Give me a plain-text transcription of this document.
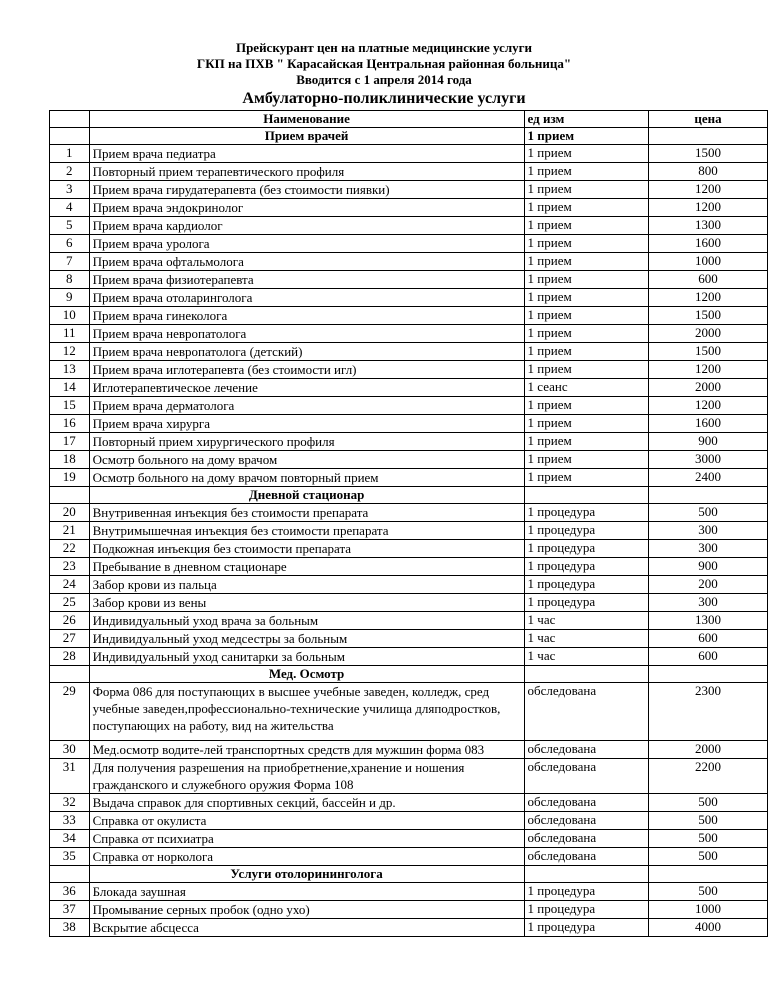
Прейскурант цен на платные медицинские услуги
ГКП на ПХВ " Карасайская Центральная районная больница"
Вводится с 1 апреля 2014 года
Амбулаторно-поликлинические услуги
	Наименование	ед изм	цена
	Прием врачей	1 прием	
1	Прием врача педиатра	1 прием	1500
2	Повторный прием терапевтического профиля	1 прием	800
3	Прием врача гирудатерапевта (без стоимости пиявки)	1 прием	1200
4	Прием врача эндокринолог	1 прием	1200
5	Прием врача кардиолог	1 прием	1300
6	Прием врача уролога	1 прием	1600
7	Прием врача офтальмолога	1 прием	1000
8	Прием врача физиотерапевта	1 прием	600
9	Прием врача отоларинголога	1 прием	1200
10	Прием врача гинеколога	1 прием	1500
11	Прием врача невропатолога	1 прием	2000
12	Прием врача невропатолога (детский)	1 прием	1500
13	Прием врача иглотерапевта (без стоимости игл)	1 прием	1200
14	Иглотерапевтическое лечение	1 сеанс	2000
15	Прием врача дерматолога	1 прием	1200
16	Прием врача хирурга	1 прием	1600
17	Повторный прием хирургического профиля	1 прием	900
18	Осмотр больного на дому врачом	1 прием	3000
19	Осмотр больного на дому врачом повторный прием	1 прием	2400
	Дневной стационар		
20	Внутривенная инъекция без стоимости препарата	1 процедура	500
21	Внутримышечная инъекция без стоимости препарата	1 процедура	300
22	Подкожная инъекция без стоимости препарата	1 процедура	300
23	Пребывание в дневном стационаре	1 процедура	900
24	Забор крови из пальца	1 процедура	200
25	Забор крови из вены	1 процедура	300
26	Индивидуальный уход врача за больным	1 час	1300
27	Индивидуальный уход медсестры за больным	1 час	600
28	Индивидуальный уход санитарки за больным	1 час	600
	Мед. Осмотр		
29	Форма 086 для поступающих в высшее учебные заведен, колледж, сред учебные заведен,профессионально-технические училища дляподростков, поступающих на работу, вид на жительства	обследована	2300
30	Мед.осмотр водите-лей транспортных средств для мужшин форма 083	обследована	2000
31	Для получения разрешения на приобретнение,хранение и ношения гражданского и служебного оружия Форма 108	обследована	2200
32	Выдача справок для спортивных секций, бассейн и др.	обследована	500
33	Справка от окулиста	обследована	500
34	Справка от психиатра	обследована	500
35	Справка от норколога	обследована	500
	Услуги отолорининголога		
36	Блокада заушная	1 процедура	500
37	Промывание серных пробок (одно ухо)	1 процедура	1000
38	Вскрытие абсцесса	1 процедура	4000
